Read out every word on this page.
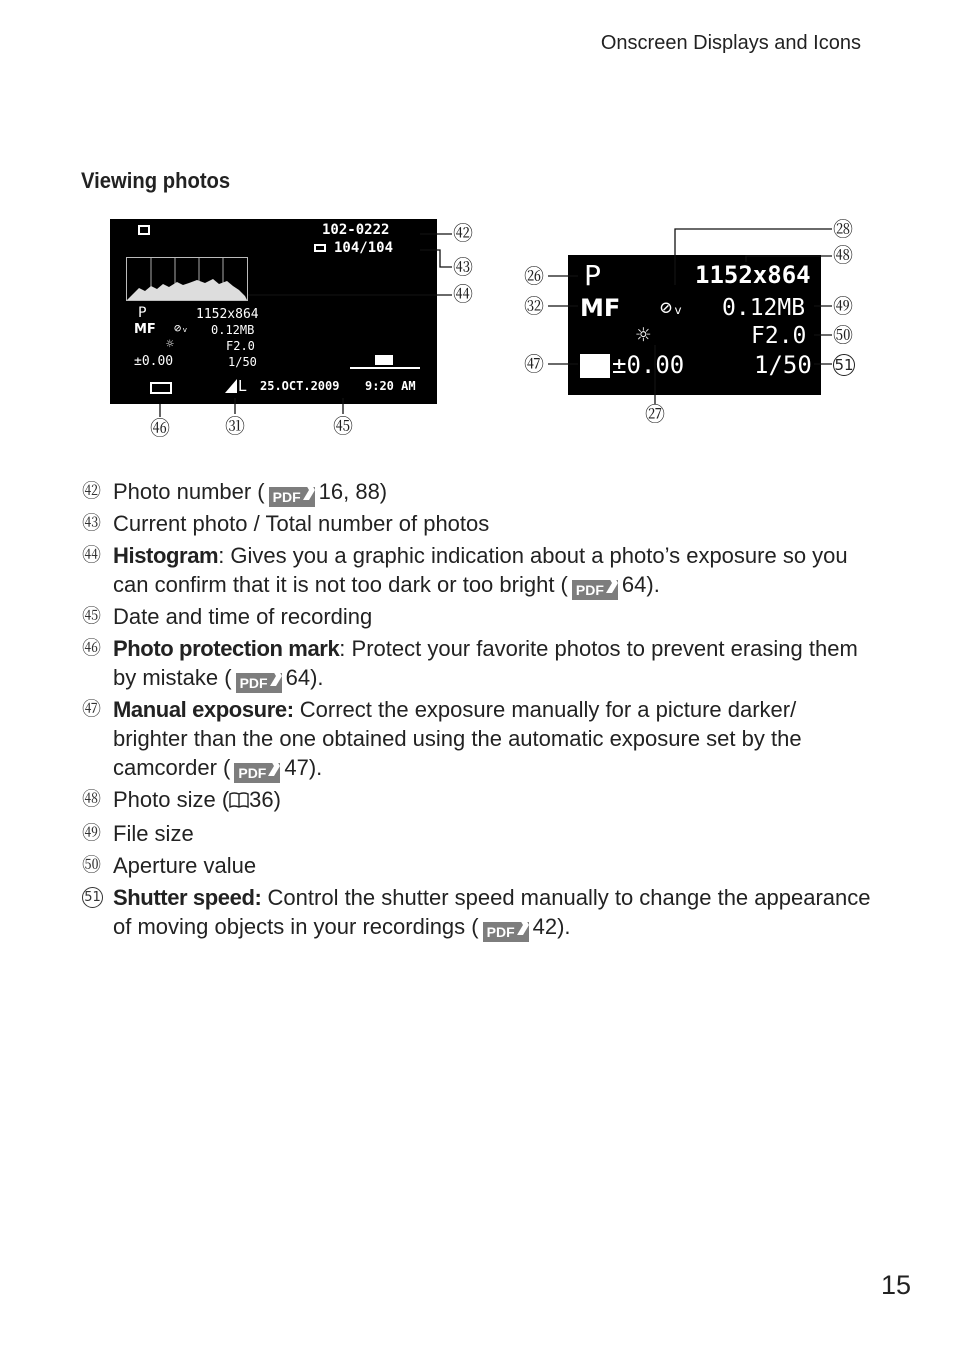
Onscreen Displays and Icons
Viewing photos
102-0222
104/104
P	1152x864
MF ⊘ᵥ 0.12MB
☼	F2.0
±0.00	1/50
L 25.OCT.2009 9:20 AM
P	1152x864
MF ⊘ᵥ 0.12MB
☼	F2.0
±0.00	1/50
㊷
㊸
㊹
㊻	㉛	㊺
㉘
㊽
㉖
㉜	㊾
㊿
㊼	51
㉗
㊷ Photo number ( PDF 16, 88)
㊸ Current photo / Total number of photos
㊹ Histogram: Gives you a graphic indication about a photo’s exposure so you can confirm that it is not too dark or too bright ( PDF 64).
㊺ Date and time of recording
㊻ Photo protection mark: Protect your favorite photos to prevent erasing them by mistake ( PDF 64).
㊼ Manual exposure: Correct the exposure manually for a picture darker/ brighter than the one obtained using the automatic exposure set by the camcorder ( PDF 47).
㊽ Photo size ( 36)
㊾ File size
㊿ Aperture value
51 Shutter speed: Control the shutter speed manually to change the appearance of moving objects in your recordings ( PDF 42).
15
